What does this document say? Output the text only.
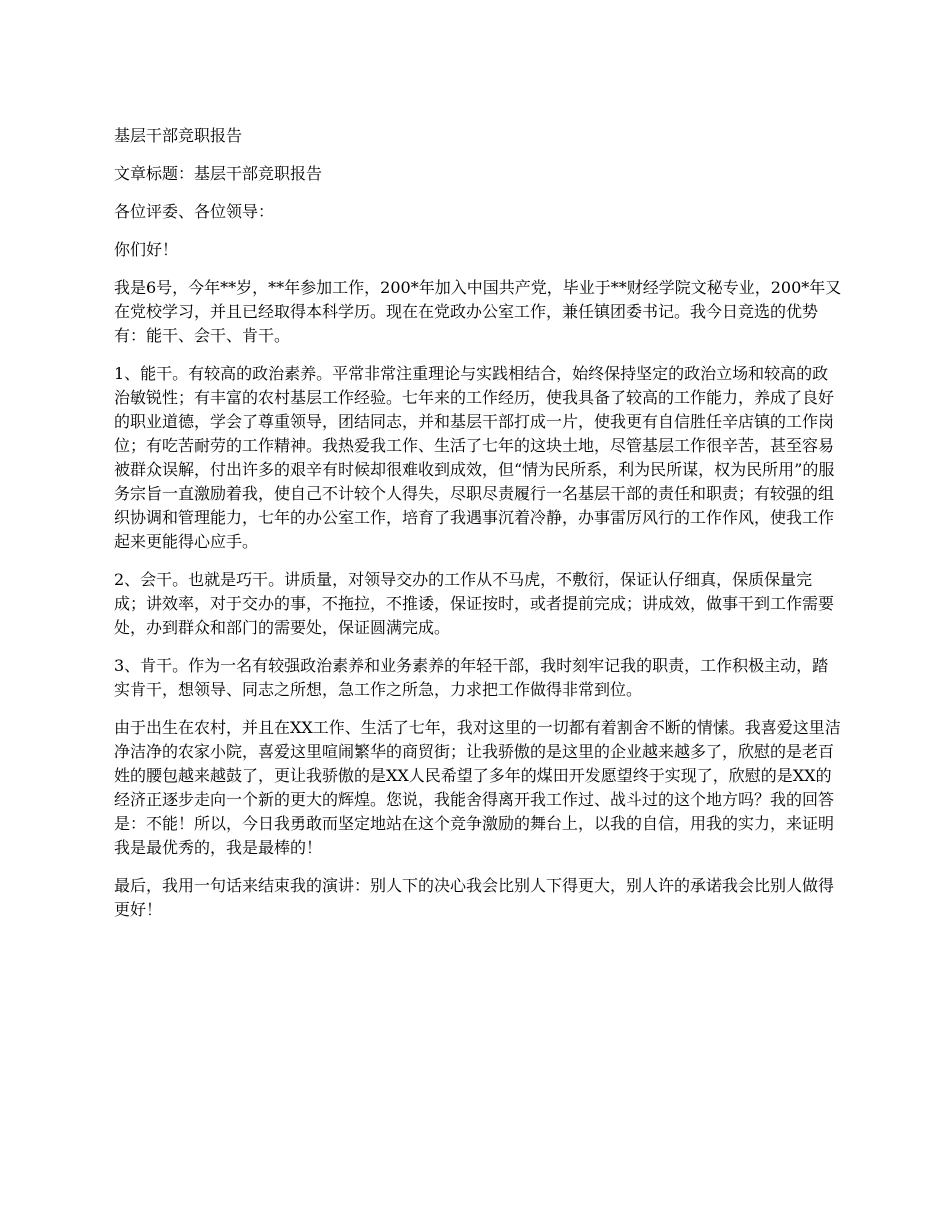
基层干部竞职报告

文章标题：基层干部竞职报告

各位评委、各位领导：

你们好！

我是6号，今年**岁，**年参加工作，200*年加入中国共产党，毕业于**财经学院文秘专业，200*年又在党校学习，并且已经取得本科学历。现在在党政办公室工作，兼任镇团委书记。我今日竞选的优势有：能干、会干、肯干。

1、能干。有较高的政治素养。平常非常注重理论与实践相结合，始终保持坚定的政治立场和较高的政治敏锐性；有丰富的农村基层工作经验。七年来的工作经历，使我具备了较高的工作能力，养成了良好的职业道德，学会了尊重领导，团结同志，并和基层干部打成一片，使我更有自信胜任辛店镇的工作岗位；有吃苦耐劳的工作精神。我热爱我工作、生活了七年的这块土地，尽管基层工作很辛苦，甚至容易被群众误解，付出许多的艰辛有时候却很难收到成效，但“情为民所系，利为民所谋，权为民所用”的服务宗旨一直激励着我，使自己不计较个人得失，尽职尽责履行一名基层干部的责任和职责；有较强的组织协调和管理能力，七年的办公室工作，培育了我遇事沉着冷静，办事雷厉风行的工作作风，使我工作起来更能得心应手。

2、会干。也就是巧干。讲质量，对领导交办的工作从不马虎，不敷衍，保证认仔细真，保质保量完成；讲效率，对于交办的事，不拖拉，不推诿，保证按时，或者提前完成；讲成效，做事干到工作需要处，办到群众和部门的需要处，保证圆满完成。

3、肯干。作为一名有较强政治素养和业务素养的年轻干部，我时刻牢记我的职责，工作积极主动，踏实肯干，想领导、同志之所想，急工作之所急，力求把工作做得非常到位。

由于出生在农村，并且在XX工作、生活了七年，我对这里的一切都有着割舍不断的情愫。我喜爱这里洁净洁净的农家小院，喜爱这里喧闹繁华的商贸街；让我骄傲的是这里的企业越来越多了，欣慰的是老百姓的腰包越来越鼓了，更让我骄傲的是XX人民希望了多年的煤田开发愿望终于实现了，欣慰的是XX的经济正逐步走向一个新的更大的辉煌。您说，我能舍得离开我工作过、战斗过的这个地方吗？我的回答是：不能！所以，今日我勇敢而坚定地站在这个竞争激励的舞台上，以我的自信，用我的实力，来证明我是最优秀的，我是最棒的！

最后，我用一句话来结束我的演讲：别人下的决心我会比别人下得更大，别人许的承诺我会比别人做得更好！
